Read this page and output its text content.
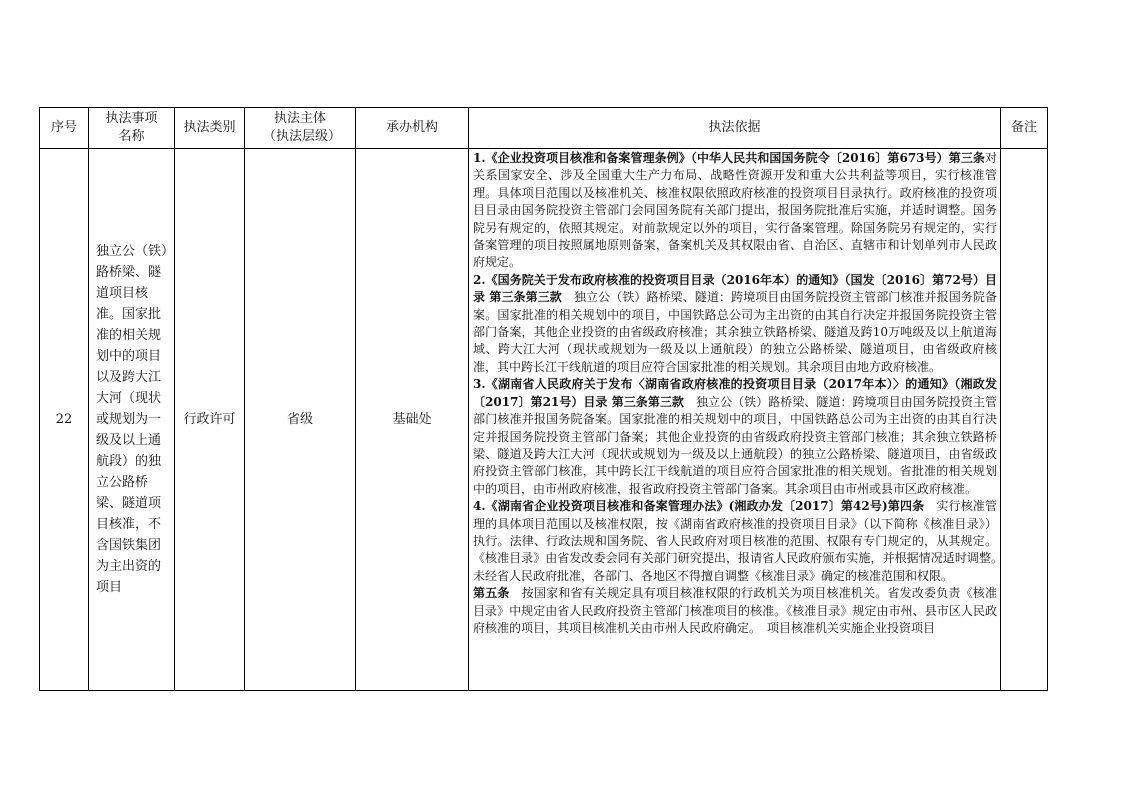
序号	执法事项名称	执法类别	执法主体（执法层级）	承办机构	执法依据	备注
22	独立公（铁）路桥梁、隧道项目核准。国家批准的相关规划中的项目以及跨大江大河（现状或规划为一级及以上通航段）的独立公路桥梁、隧道项目核准，不含国铁集团为主出资的项目	行政许可	省级	基础处	1.《企业投资项目核准和备案管理条例》（中华人民共和国国务院令〔2016〕第673号）第三条对关系国家安全、涉及全国重大生产力布局、战略性资源开发和重大公共利益等项目，实行核准管理。具体项目范围以及核准机关、核准权限依照政府核准的投资项目目录执行。政府核准的投资项目目录由国务院投资主管部门会同国务院有关部门提出，报国务院批准后实施，并适时调整。国务院另有规定的，依照其规定。对前款规定以外的项目，实行备案管理。除国务院另有规定的，实行备案管理的项目按照属地原则备案，备案机关及其权限由省、自治区、直辖市和计划单列市人民政府规定。

2.《国务院关于发布政府核准的投资项目目录（2016年本）的通知》（国发〔2016〕第72号）目录 第三条第三款　独立公（铁）路桥梁、隧道：跨境项目由国务院投资主管部门核准并报国务院备案。国家批准的相关规划中的项目，中国铁路总公司为主出资的由其自行决定并报国务院投资主管部门备案，其他企业投资的由省级政府核准；其余独立铁路桥梁、隧道及跨10万吨级及以上航道海域、跨大江大河（现状或规划为一级及以上通航段）的独立公路桥梁、隧道项目，由省级政府核准，其中跨长江干线航道的项目应符合国家批准的相关规划。其余项目由地方政府核准。

3.《湖南省人民政府关于发布〈湖南省政府核准的投资项目目录（2017年本）〉的通知》（湘政发〔2017〕第21号）目录 第三条第三款　独立公（铁）路桥梁、隧道：跨境项目由国务院投资主管部门核准并报国务院备案。国家批准的相关规划中的项目，中国铁路总公司为主出资的由其自行决定并报国务院投资主管部门备案；其他企业投资的由省级政府投资主管部门核准；其余独立铁路桥梁、隧道及跨大江大河（现状或规划为一级及以上通航段）的独立公路桥梁、隧道项目，由省级政府投资主管部门核准，其中跨长江干线航道的项目应符合国家批准的相关规划。省批准的相关规划中的项目，由市州政府核准，报省政府投资主管部门备案。其余项目由市州或县市区政府核准。

4.《湖南省企业投资项目核准和备案管理办法》(湘政办发〔2017〕第42号)第四条　实行核准管理的具体项目范围以及核准权限，按《湖南省政府核准的投资项目目录》（以下简称《核准目录》）执行。法律、行政法规和国务院、省人民政府对项目核准的范围、权限有专门规定的，从其规定。《核准目录》由省发改委会同有关部门研究提出，报请省人民政府颁布实施，并根据情况适时调整。　未经省人民政府批准，各部门、各地区不得擅自调整《核准目录》确定的核准范围和权限。

第五条　按国家和省有关规定具有项目核准权限的行政机关为项目核准机关。省发改委负责《核准目录》中规定由省人民政府投资主管部门核准项目的核准。《核准目录》规定由市州、县市区人民政府核准的项目，其项目核准机关由市州人民政府确定。　项目核准机关实施企业投资项目	
